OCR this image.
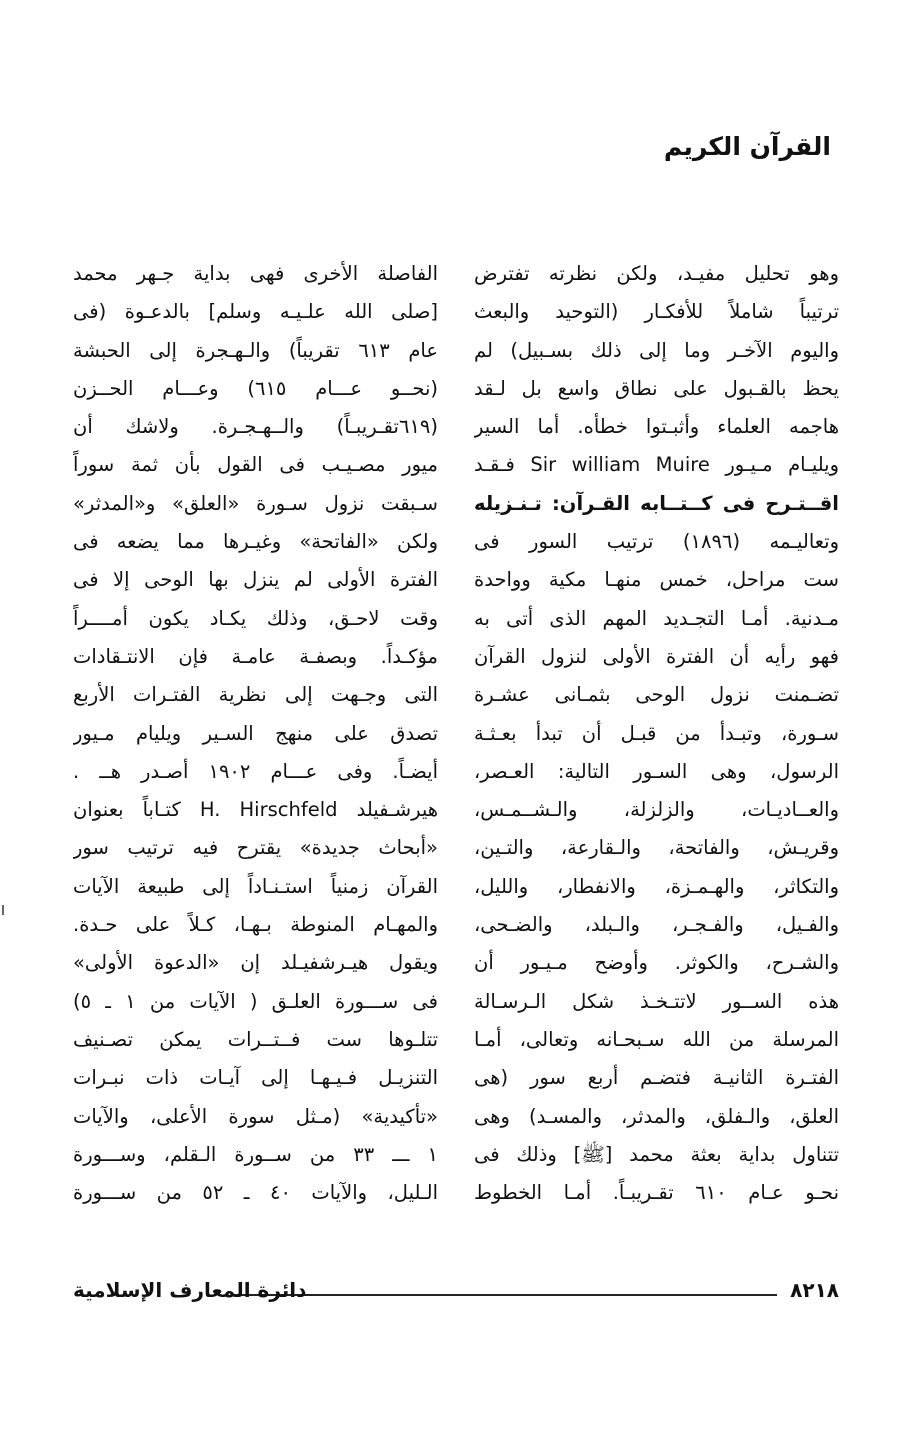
القرآن الكريم
وهو تحليل مفيـد، ولكن نظرته تفترض
ترتيباً شاملاً للأفكـار (التوحيد والبعث
واليوم الآخـر وما إلى ذلك بسـبيل) لم
يحظ بالقـبول على نطاق واسع بل لـقد
هاجمه العلماء وأثبـتوا خطأه. أما السير
ويليـام مـيـور Sir william Muire فـقـد
اقــتـرح فى كــتــابه القـرآن: تـنـزيله
وتعاليـمه (١٨٩٦) ترتيب السور فى
ست مراحل، خمس منهـا مكية وواحدة
مـدنية. أمـا التجـديد المهم الذى أتى به
فهو رأيه أن الفترة الأولى لنزول القرآن
تضـمنت نزول الوحى بثمـانى عشـرة
سـورة، وتبـدأ من قبـل أن تبدأ بعـثـة
الرسول، وهى السـور التالية: العـصر،
والعــاديـات، والزلزلة، والـشــمـس،
وقريـش، والفاتحة، والـقارعة، والتـين،
والتكاثر، والهـمـزة، والانفطار، والليل،
والفـيل، والفـجـر، والـبلد، والضـحى،
والشـرح، والكوثر. وأوضح مـيـور أن
هذه الســور لاتتـخـذ شكل الـرسـالة
المرسلة من الله سـبحـانه وتعالى، أمـا
الفتـرة الثانيـة فتضـم أربع سور (هى
العلق، والـفلق، والمدثر، والمسـد) وهى
تتناول بداية بعثة محمد [ﷺ] وذلك فى
نحـو عـام ٦١٠ تقـريبـاً. أمـا الخطوط
الفاصلة الأخرى فهى بداية جـهر محمد
[صلى الله علـيـه وسلم] بالدعـوة (فى
عام ٦١٣ تقريباً) والـهـجرة إلى الحبشة
(نحــو عـــام ٦١٥) وعـــام الحــزن
(٦١٩تقـريبـاً) والــهـجـرة. ولاشك أن
ميور مصـيـب فى القول بأن ثمة سوراً
سـبقت نزول سـورة «العلق» و«المدثر»
ولكن «الفاتحة» وغيـرها مما يضعه فى
الفترة الأولى لم ينزل بها الوحى إلا فى
وقت لاحـق، وذلك يكـاد يكون أمــــراً
مؤكـداً. وبصفـة عامـة فإن الانتـقادات
التى وجـهت إلى نظرية الفتـرات الأربع
تصدق على منهج السـير ويليام مـيور
أيضـاً. وفى عـــام ١٩٠٢ أصـدر هــ .
هيرشـفيلد H. Hirschfeld كتـاباً بعنوان
«أبحاث جديدة» يقترح فيه ترتيب سور
القرآن زمنياً استـنـاداً إلى طبيعة الآيات
والمهـام المنوطة بـهـا، كـلاً على حـدة.
ويقول هيـرشفيـلد إن «الدعوة الأولى»
فى ســـورة العلـق ( الآيات من ١ ـ ٥)
تتلـوها ست فــتــرات يمكن تصـنيف
التنزيـل فـيـهـا إلى آيـات ذات نبـرات
«تأكيدية» (مـثل سورة الأعلى، والآيات
١ ـــ ٣٣ من ســورة الـقلم، وســـورة
الـليل، والآيات ٤٠ ـ ٥٢ من ســـورة
٨٢١٨
دائرة المعارف الإسلامية
